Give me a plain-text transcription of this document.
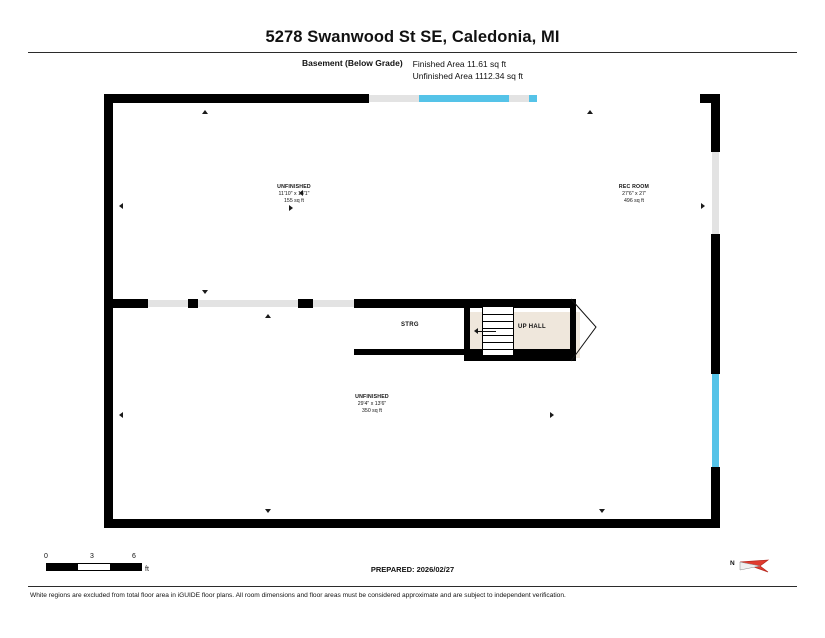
5278 Swanwood St SE, Caledonia, MI
Basement (Below Grade)	Finished Area 11.61 sq ft
Unfinished Area 1112.34 sq ft
UNFINISHED
11'10" x 13'1"
155 sq ft
REC ROOM
27'6" x 27'
496 sq ft
UNFINISHED
29'4" x 13'6"
350 sq ft
STRG	UP HALL
0	3	6
ft	PREPARED: 2026/02/27
N
White regions are excluded from total floor area in iGUIDE floor plans. All room dimensions and floor areas must be considered approximate and are subject to independent verification.
